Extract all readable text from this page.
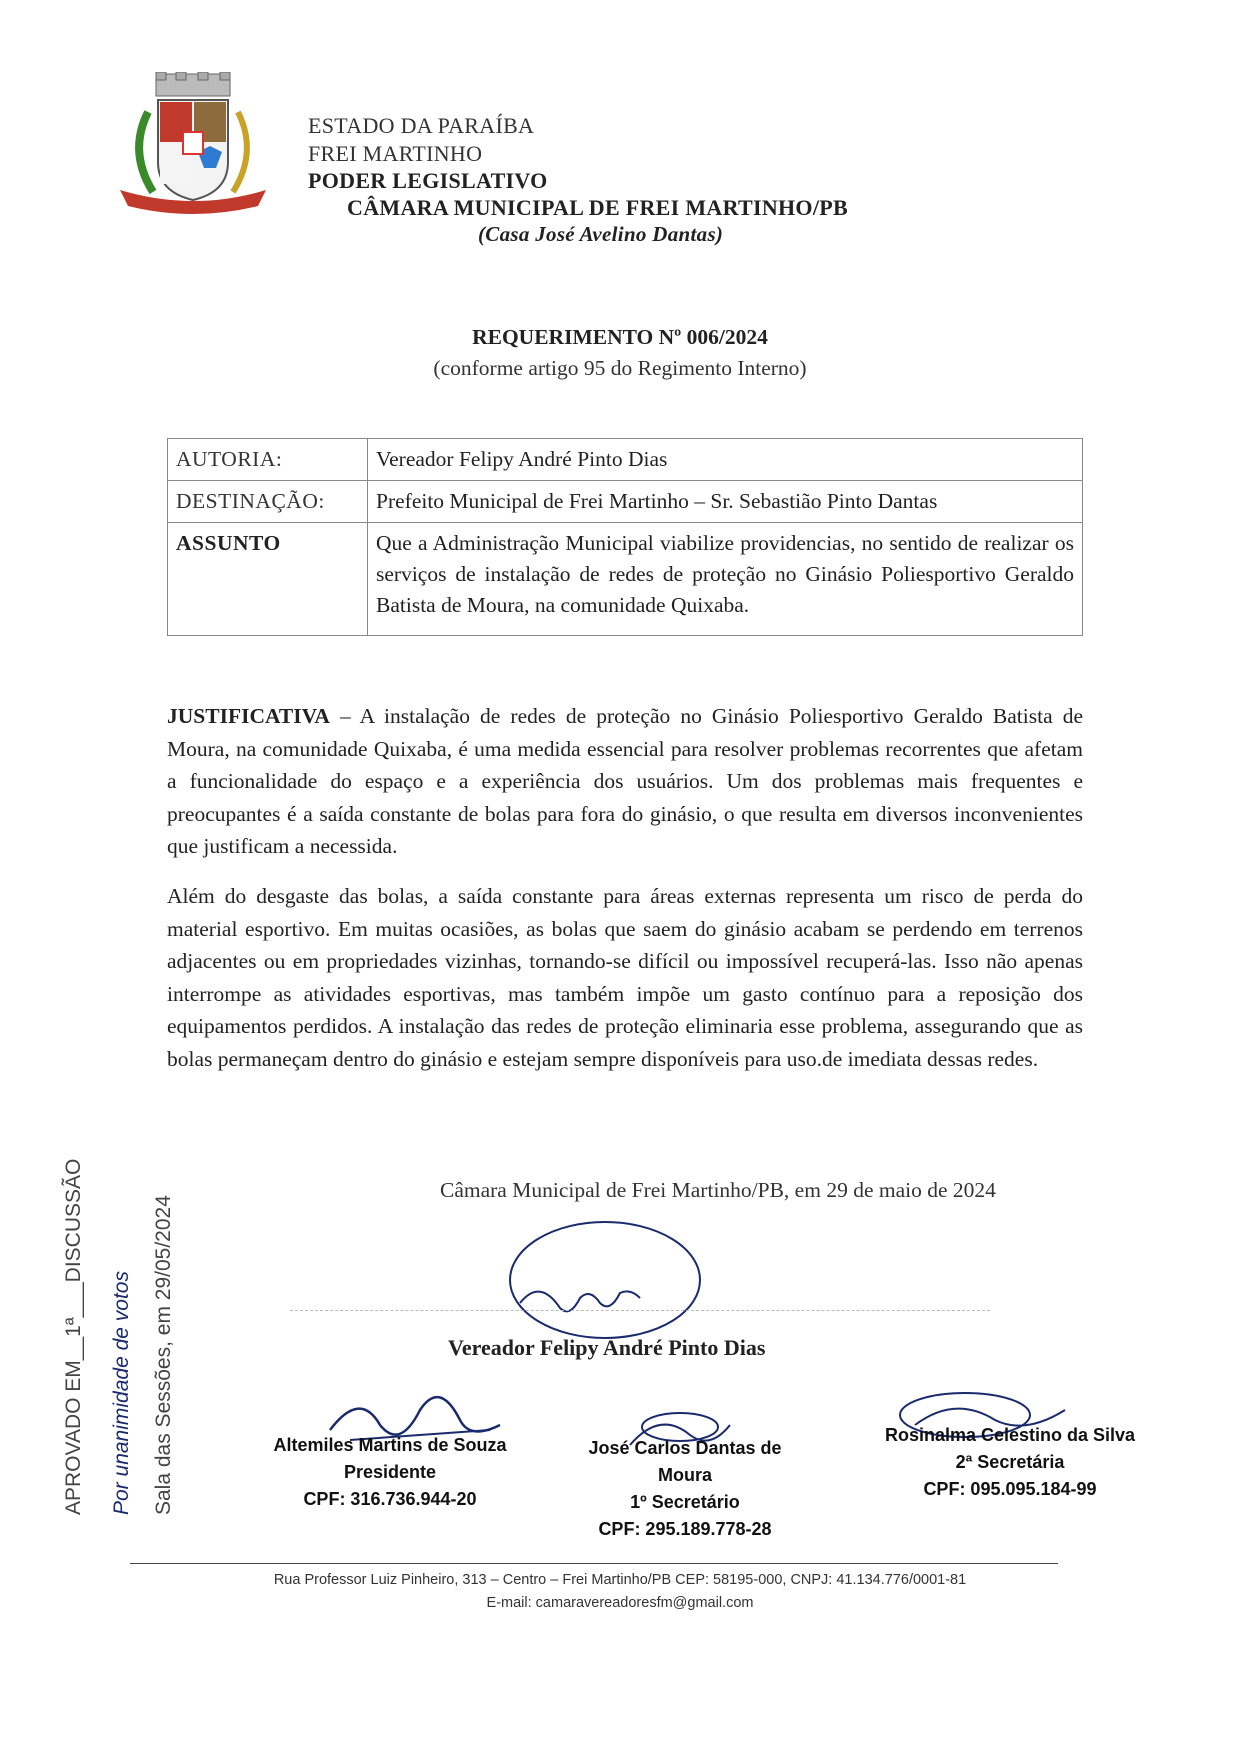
ESTADO DA PARAÍBA
FREI MARTINHO
PODER LEGISLATIVO
CÂMARA MUNICIPAL DE FREI MARTINHO/PB
(Casa José Avelino Dantas)
REQUERIMENTO Nº 006/2024
(conforme artigo 95 do Regimento Interno)
AUTORIA:	Vereador Felipy André Pinto Dias
DESTINAÇÃO:	Prefeito Municipal de Frei Martinho – Sr. Sebastião Pinto Dantas
ASSUNTO	Que a Administração Municipal viabilize providencias, no sentido de realizar os serviços de instalação de redes de proteção no Ginásio Poliesportivo Geraldo Batista de Moura, na comunidade Quixaba.
JUSTIFICATIVA – A instalação de redes de proteção no Ginásio Poliesportivo Geraldo Batista de Moura, na comunidade Quixaba, é uma medida essencial para resolver problemas recorrentes que afetam a funcionalidade do espaço e a experiência dos usuários. Um dos problemas mais frequentes e preocupantes é a saída constante de bolas para fora do ginásio, o que resulta em diversos inconvenientes que justificam a necessida.
Além do desgaste das bolas, a saída constante para áreas externas representa um risco de perda do material esportivo. Em muitas ocasiões, as bolas que saem do ginásio acabam se perdendo em terrenos adjacentes ou em propriedades vizinhas, tornando-se difícil ou impossível recuperá-las. Isso não apenas interrompe as atividades esportivas, mas também impõe um gasto contínuo para a reposição dos equipamentos perdidos. A instalação das redes de proteção eliminaria esse problema, assegurando que as bolas permaneçam dentro do ginásio e estejam sempre disponíveis para uso.de imediata dessas redes.
Câmara Municipal de Frei Martinho/PB, em 29 de maio de 2024
Vereador Felipy André Pinto Dias
Altemiles Martins de Souza
Presidente
CPF: 316.736.944-20
José Carlos Dantas de Moura
1º Secretário
CPF: 295.189.778-28
Rosinalma Celestino da Silva
2ª Secretária
CPF: 095.095.184-99
APROVADO EM__1ª___DISCUSSÃO Por unanimidade de votos Sala das Sessões, em 29/05/2024
Rua Professor Luiz Pinheiro, 313 – Centro – Frei Martinho/PB CEP: 58195-000, CNPJ: 41.134.776/0001-81
E-mail: camaravereadoresfm@gmail.com
